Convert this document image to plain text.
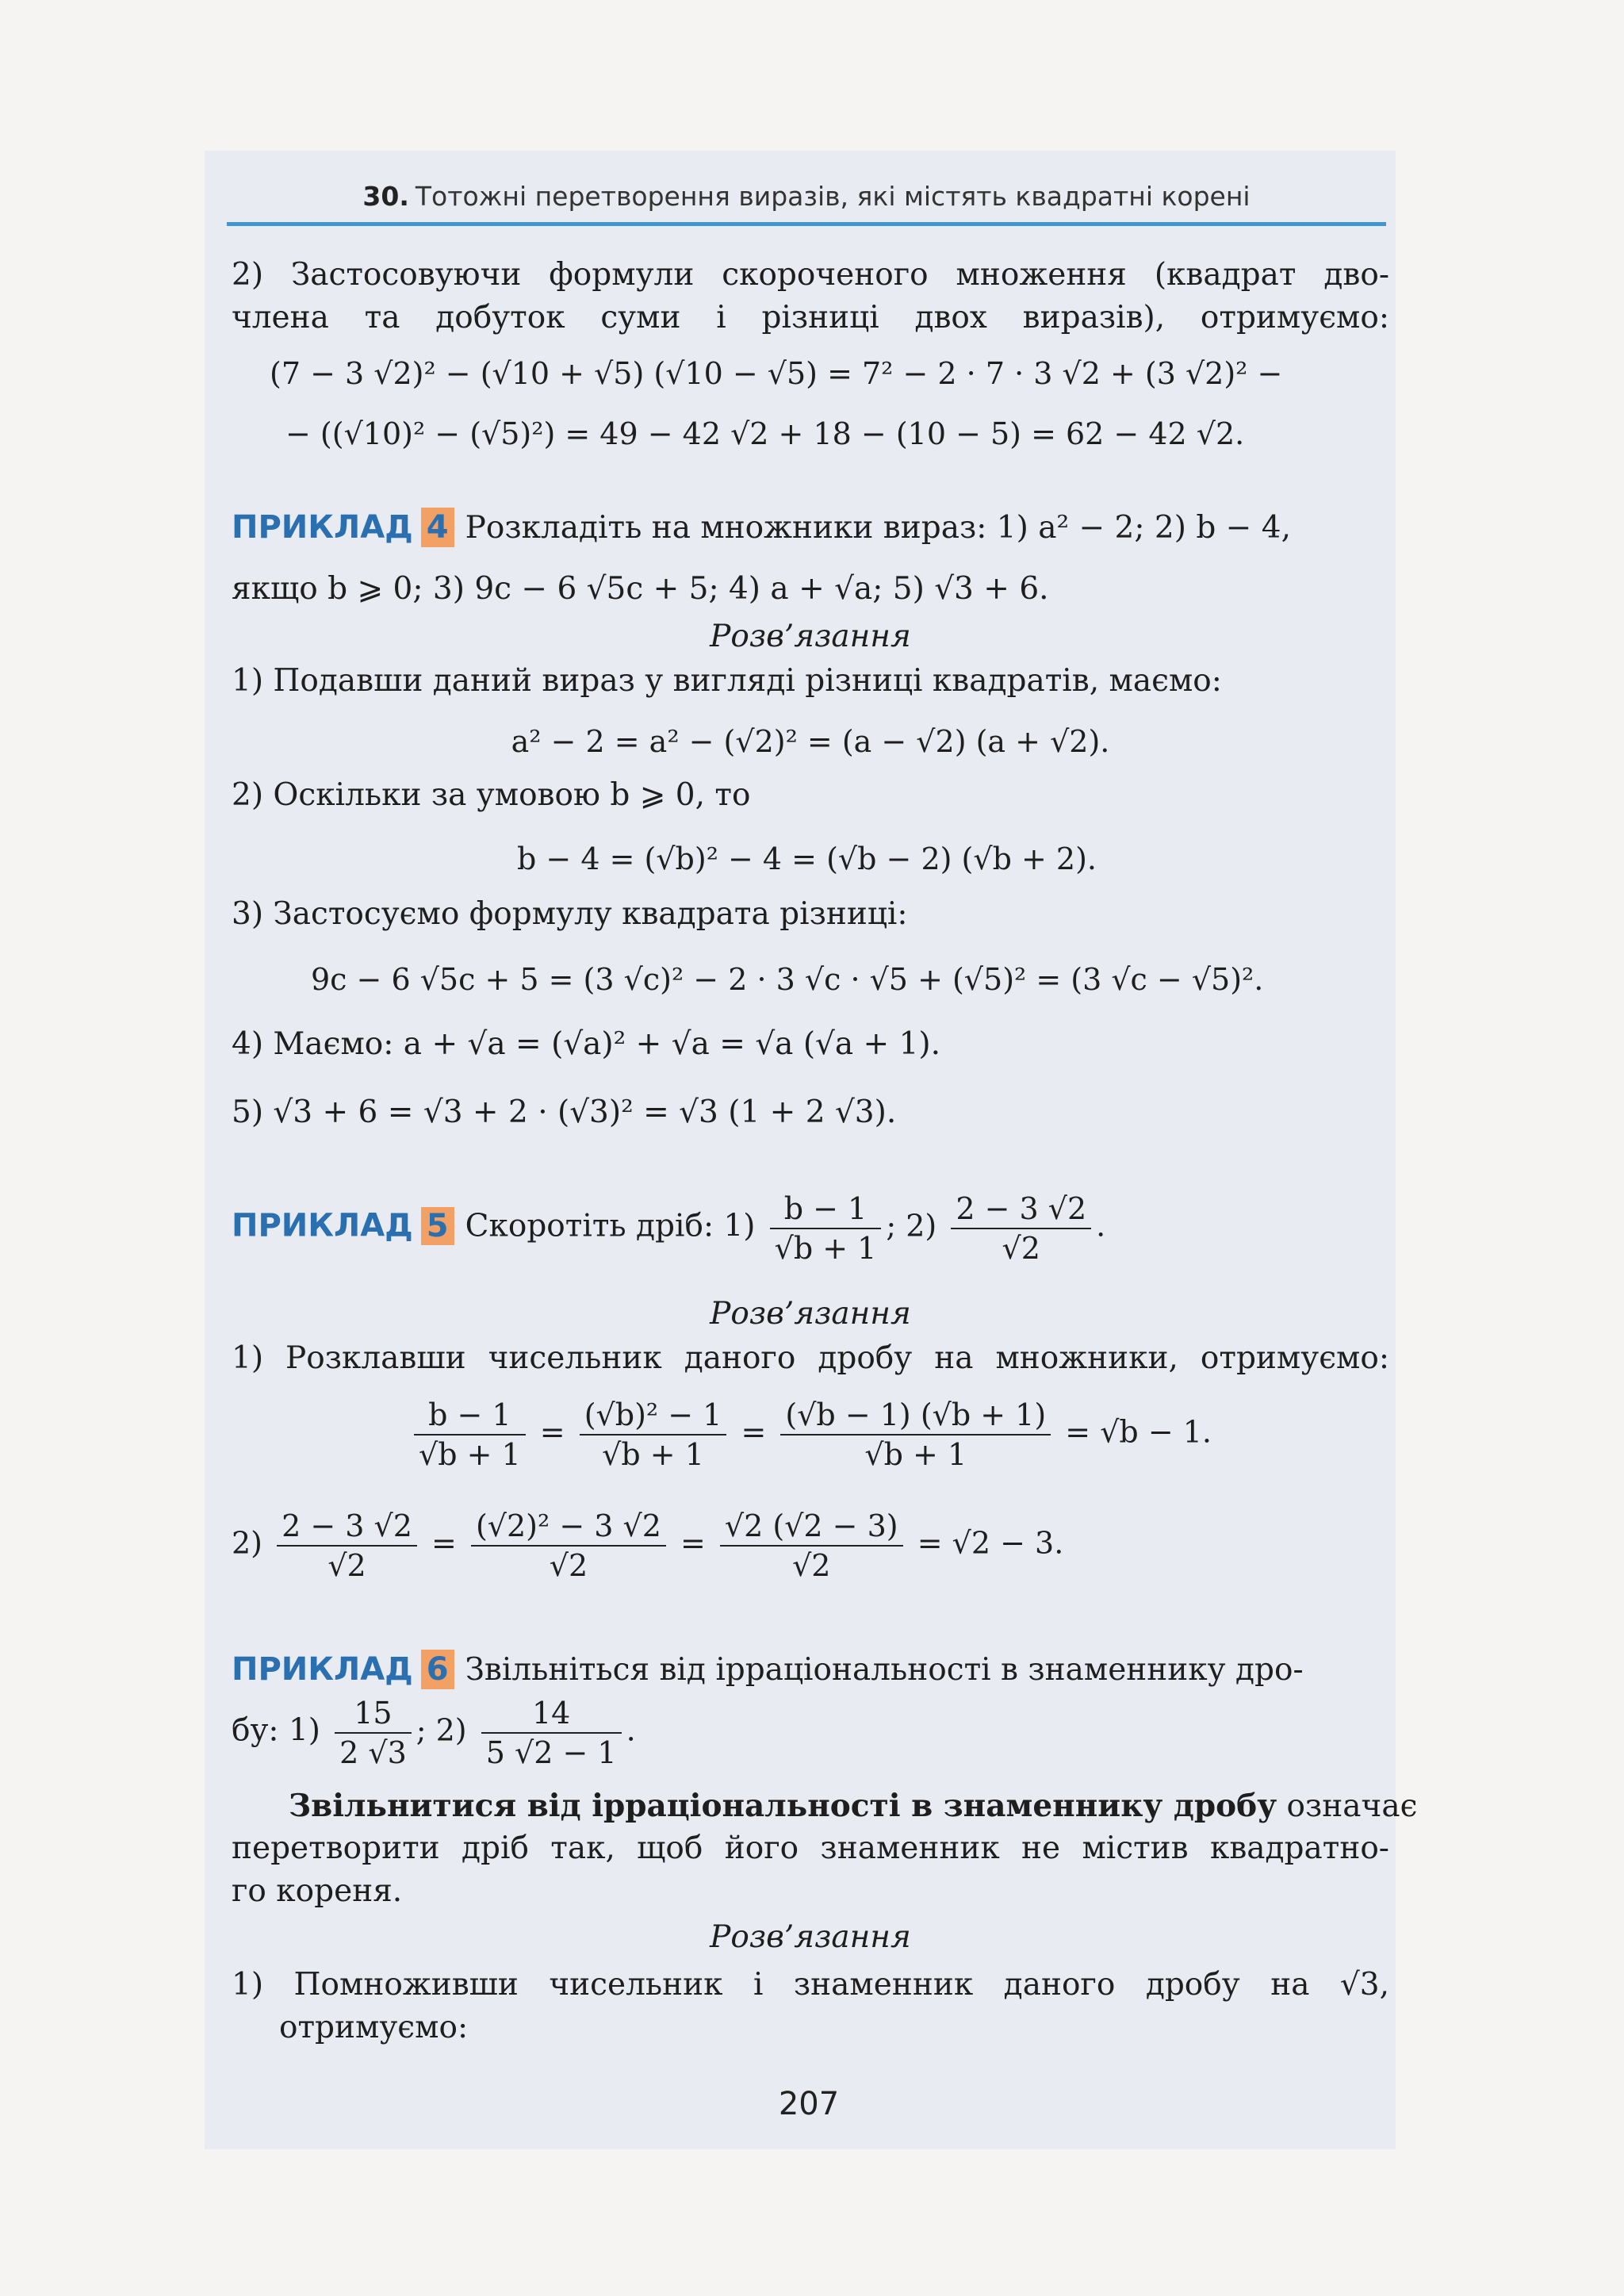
30. Тотожні перетворення виразів, які містять квадратні корені
2) Застосовуючи формули скороченого множення (квадрат дво-
члена та добуток суми і різниці двох виразів), отримуємо:
(7 − 3 √2)² − (√10 + √5) (√10 − √5) = 7² − 2 · 7 · 3 √2 + (3 √2)² −
− ((√10)² − (√5)²) = 49 − 42 √2 + 18 − (10 − 5) = 62 − 42 √2.
ПРИКЛАД 4 Розкладіть на множники вираз: 1) a² − 2; 2) b − 4,
якщо b ⩾ 0; 3) 9c − 6 √5c + 5; 4) a + √a; 5) √3 + 6.
Розв’язання
1) Подавши даний вираз у вигляді різниці квадратів, маємо:
a² − 2 = a² − (√2)² = (a − √2) (a + √2).
2) Оскільки за умовою b ⩾ 0, то
b − 4 = (√b)² − 4 = (√b − 2) (√b + 2).
3) Застосуємо формулу квадрата різниці:
9c − 6 √5c + 5 = (3 √c)² − 2 · 3 √c · √5 + (√5)² = (3 √c − √5)².
4) Маємо: a + √a = (√a)² + √a = √a (√a + 1).
5) √3 + 6 = √3 + 2 · (√3)² = √3 (1 + 2 √3).
ПРИКЛАД 5 Скоротіть дріб: $1) \frac{b - 1}{√b + 1}$ ; $2) \frac{2 - 3 √2}{√2}$ .
Розв’язання
1) Розклавши чисельник даного дробу на множники, отримуємо:
$\frac{b - 1}{√b + 1} = \frac{\text{(√b)² − 1}}{√b + 1} = \frac{(√b - 1) (√b + 1)}{√b + 1} = √b - 1$.
$2) \frac{2 - 3 √2}{√2} = \frac{\text{(√2)² − 3 √2}}{√2} = \frac{√2 (√2 - 3)}{√2} = √2 - 3$.
ПРИКЛАД 6 Звільніться від ірраціональності в знаменнику дро-
бу: $1) \frac{15}{2 √3}$ ; $2) \frac{14}{5 √2 - 1}$ .
Звільнитися від ірраціональності в знаменнику дробу означає
перетворити дріб так, щоб його знаменник не містив квадратно-
го кореня.
Розв’язання
1) Помноживши чисельник і знаменник даного дробу на √3,
отримуємо:
207
